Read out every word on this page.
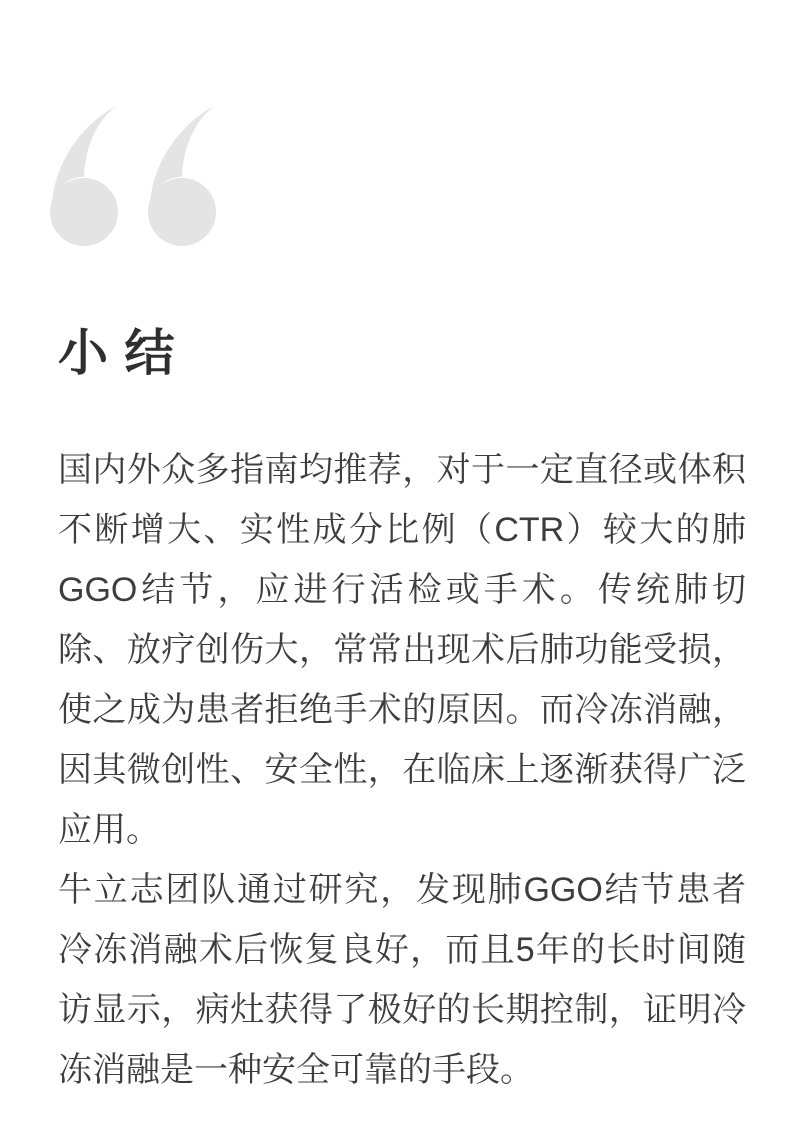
小 结

国内外众多指南均推荐，对于一定直径或体积不断增大、实性成分比例（CTR）较大的肺GGO结节，应进行活检或手术。传统肺切除、放疗创伤大，常常出现术后肺功能受损，使之成为患者拒绝手术的原因。而冷冻消融，因其微创性、安全性，在临床上逐渐获得广泛应用。

牛立志团队通过研究，发现肺GGO结节患者冷冻消融术后恢复良好，而且5年的长时间随访显示，病灶获得了极好的长期控制，证明冷冻消融是一种安全可靠的手段。
